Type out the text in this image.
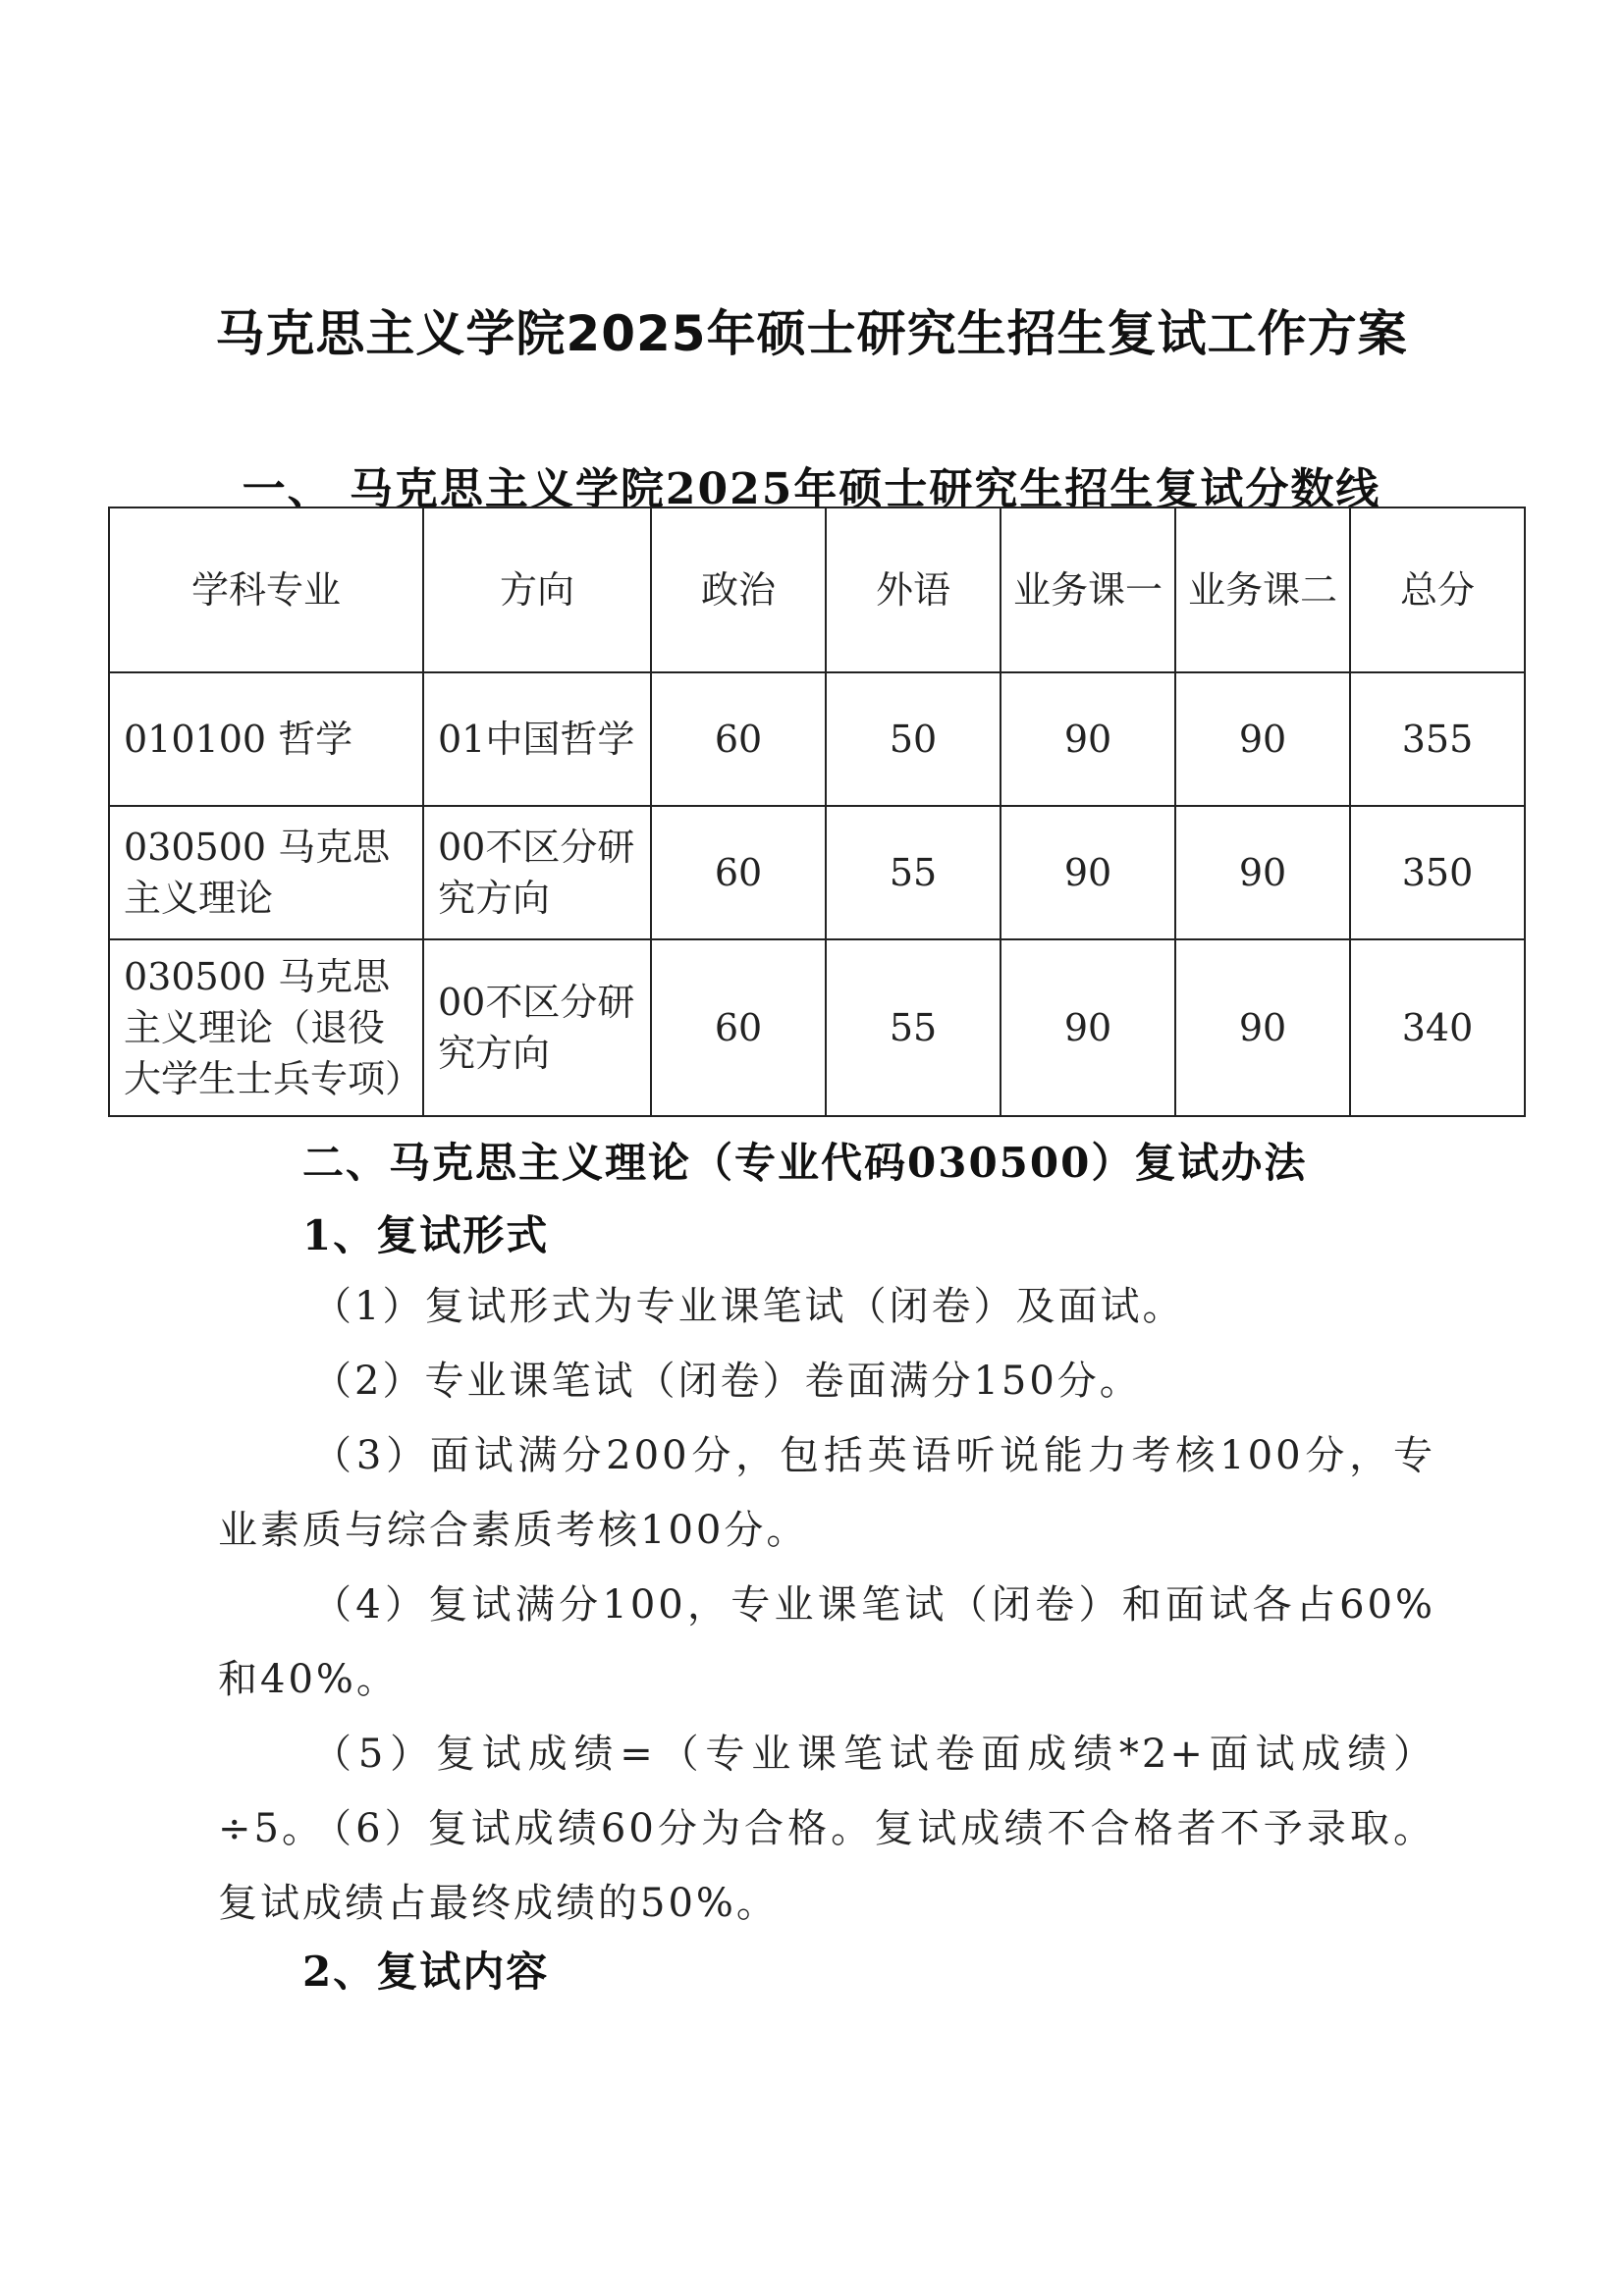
马克思主义学院2025年硕士研究生招生复试工作方案
一、 马克思主义学院2025年硕士研究生招生复试分数线
学科专业	方向	政治	外语	业务课一	业务课二	总分
010100 哲学	01中国哲学	60	50	90	90	355
030500 马克思主义理论	00不区分研究方向	60	55	90	90	350
030500 马克思主义理论（退役大学生士兵专项）	00不区分研究方向	60	55	90	90	340
二、马克思主义理论（专业代码030500）复试办法
1、复试形式
（1）复试形式为专业课笔试（闭卷）及面试。
（2）专业课笔试（闭卷）卷面满分150分。
（3）面试满分200分，包括英语听说能力考核100分，专业素质与综合素质考核100分。
（4）复试满分100，专业课笔试（闭卷）和面试各占60%和40%。
（5）复试成绩=（专业课笔试卷面成绩*2+面试成绩）÷5。
（6）复试成绩60分为合格。复试成绩不合格者不予录取。复试成绩占最终成绩的50%。
2、复试内容
